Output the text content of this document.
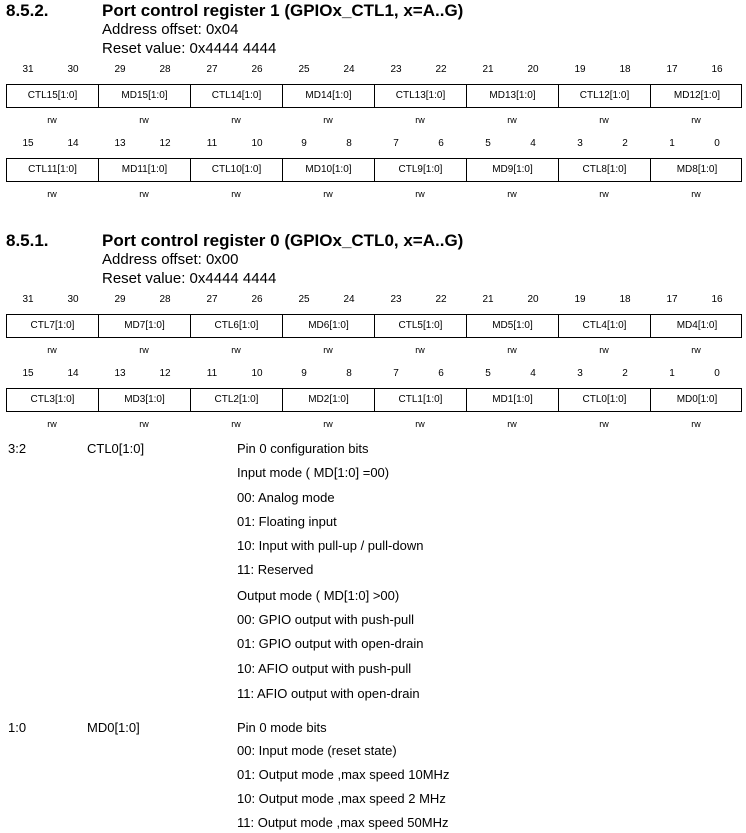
8.5.2.	Port control register 1 (GPIOx_CTL1, x=A..G)
Address offset: 0x04
Reset value: 0x4444 4444
31	30	29	28	27	26	25	24	23	22	21	20	19	18	17	16
CTL15[1:0]	MD15[1:0]	CTL14[1:0]	MD14[1:0]	CTL13[1:0]	MD13[1:0]	CTL12[1:0]	MD12[1:0]
rw	rw	rw	rw	rw	rw	rw	rw
15	14	13	12	11	10	9	8	7	6	5	4	3	2	1	0
CTL11[1:0]	MD11[1:0]	CTL10[1:0]	MD10[1:0]	CTL9[1:0]	MD9[1:0]	CTL8[1:0]	MD8[1:0]
rw	rw	rw	rw	rw	rw	rw	rw
8.5.1.	Port control register 0 (GPIOx_CTL0, x=A..G)
Address offset: 0x00
Reset value: 0x4444 4444
31	30	29	28	27	26	25	24	23	22	21	20	19	18	17	16
CTL7[1:0]	MD7[1:0]	CTL6[1:0]	MD6[1:0]	CTL5[1:0]	MD5[1:0]	CTL4[1:0]	MD4[1:0]
rw	rw	rw	rw	rw	rw	rw	rw
15	14	13	12	11	10	9	8	7	6	5	4	3	2	1	0
CTL3[1:0]	MD3[1:0]	CTL2[1:0]	MD2[1:0]	CTL1[1:0]	MD1[1:0]	CTL0[1:0]	MD0[1:0]
rw	rw	rw	rw	rw	rw	rw	rw
3:2	CTL0[1:0]	Pin 0 configuration bits
Input mode ( MD[1:0] =00)
00: Analog mode
01: Floating input
10: Input with pull-up / pull-down
11: Reserved
Output mode ( MD[1:0] >00)
00: GPIO output with push-pull
01: GPIO output with open-drain
10: AFIO output with push-pull
11: AFIO output with open-drain
1:0	MD0[1:0]	Pin 0 mode bits
00: Input mode (reset state)
01: Output mode ,max speed 10MHz
10: Output mode ,max speed 2 MHz
11: Output mode ,max speed 50MHz
